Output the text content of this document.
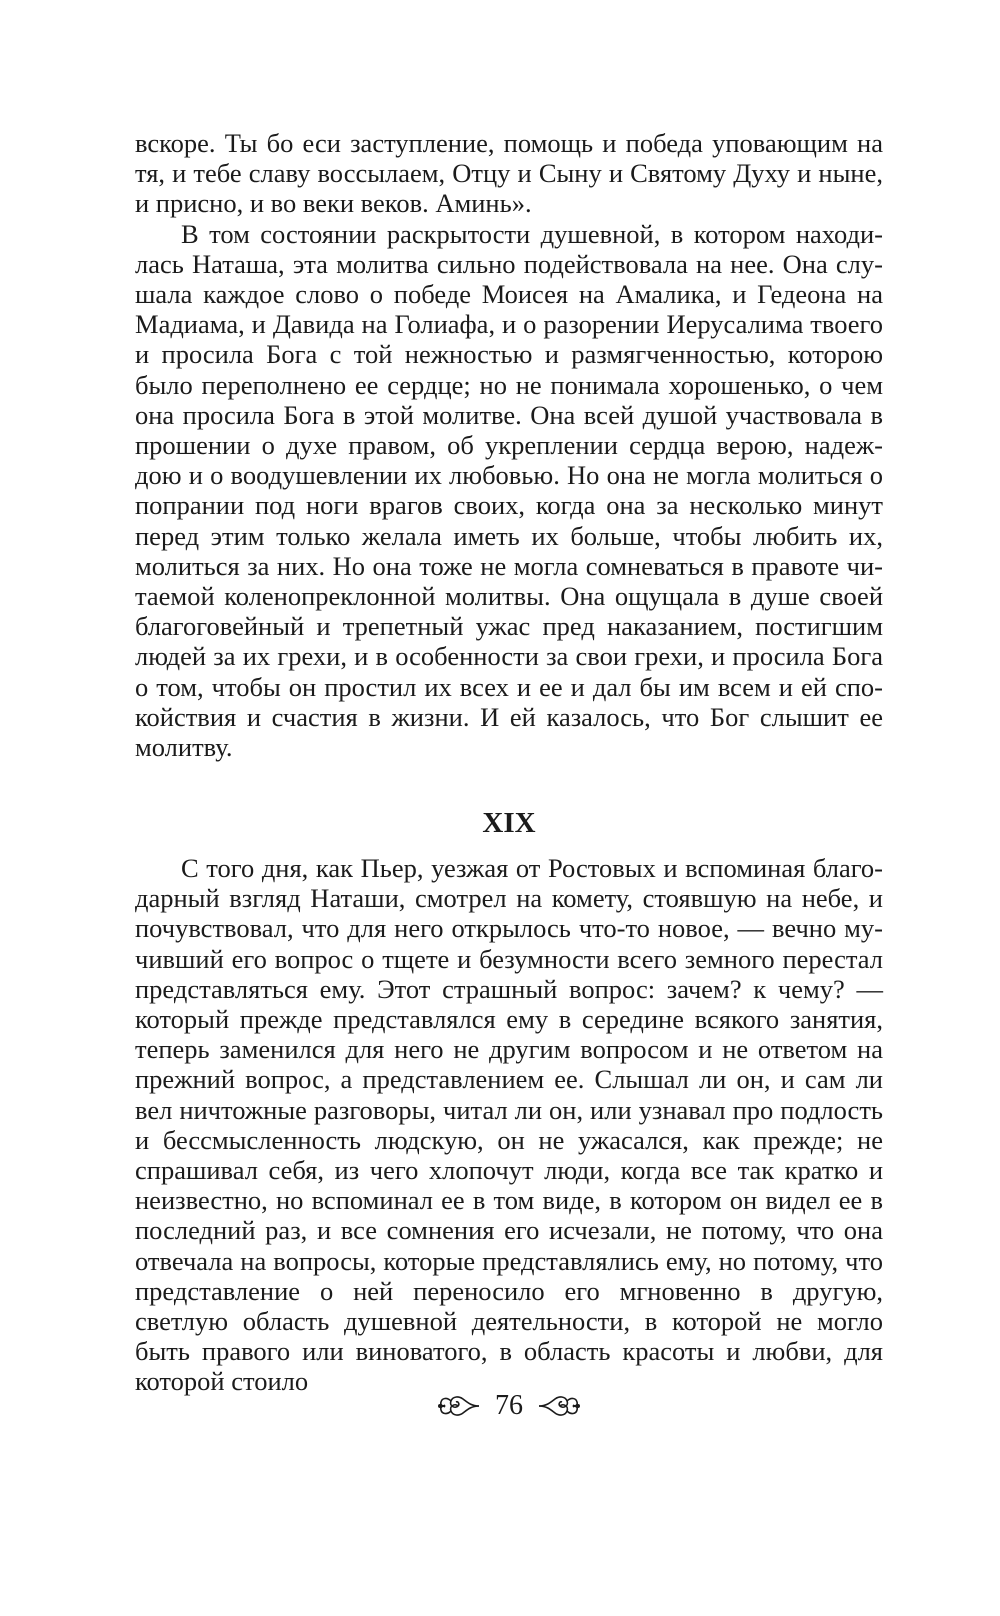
вскоре. Ты бо еси заступление, помощь и победа уповающим на тя, и тебе славу воссылаем, Отцу и Сыну и Святому Духу и ныне, и присно, и во веки веков. Аминь».

В том состоянии раскрытости душевной, в котором находилась Наташа, эта молитва сильно подействовала на нее. Она слушала каждое слово о победе Моисея на Амалика, и Гедеона на Мадиама, и Давида на Голиафа, и о разорении Иерусалима твоего и просила Бога с той нежностью и размягченностью, которою было переполнено ее сердце; но не понимала хорошенько, о чем она просила Бога в этой молитве. Она всей душой участвовала в прошении о духе правом, об укреплении сердца верою, надеждою и о воодушевлении их любовью. Но она не могла молиться о попрании под ноги врагов своих, когда она за несколько минут перед этим только желала иметь их больше, чтобы любить их, молиться за них. Но она тоже не могла сомневаться в правоте читаемой коленопреклонной молитвы. Она ощущала в душе своей благоговейный и трепетный ужас пред наказанием, постигшим людей за их грехи, и в особенности за свои грехи, и просила Бога о том, чтобы он простил их всех и ее и дал бы им всем и ей спокойствия и счастия в жизни. И ей казалось, что Бог слышит ее молитву.

XIX

С того дня, как Пьер, уезжая от Ростовых и вспоминая благодарный взгляд Наташи, смотрел на комету, стоявшую на небе, и почувствовал, что для него открылось что-то новое, — вечно мучивший его вопрос о тщете и безумности всего земного перестал представляться ему. Этот страшный вопрос: зачем? к чему? — который прежде представлялся ему в середине всякого занятия, теперь заменился для него не другим вопросом и не ответом на прежний вопрос, а представлением ее. Слышал ли он, и сам ли вел ничтожные разговоры, читал ли он, или узнавал про подлость и бессмысленность людскую, он не ужасался, как прежде; не спрашивал себя, из чего хлопочут люди, когда все так кратко и неизвестно, но вспоминал ее в том виде, в котором он видел ее в последний раз, и все сомнения его исчезали, не потому, что она отвечала на вопросы, которые представлялись ему, но потому, что представление о ней переносило его мгновенно в другую, светлую область душевной деятельности, в которой не могло быть правого или виноватого, в область красоты и любви, для которой стоило

76
